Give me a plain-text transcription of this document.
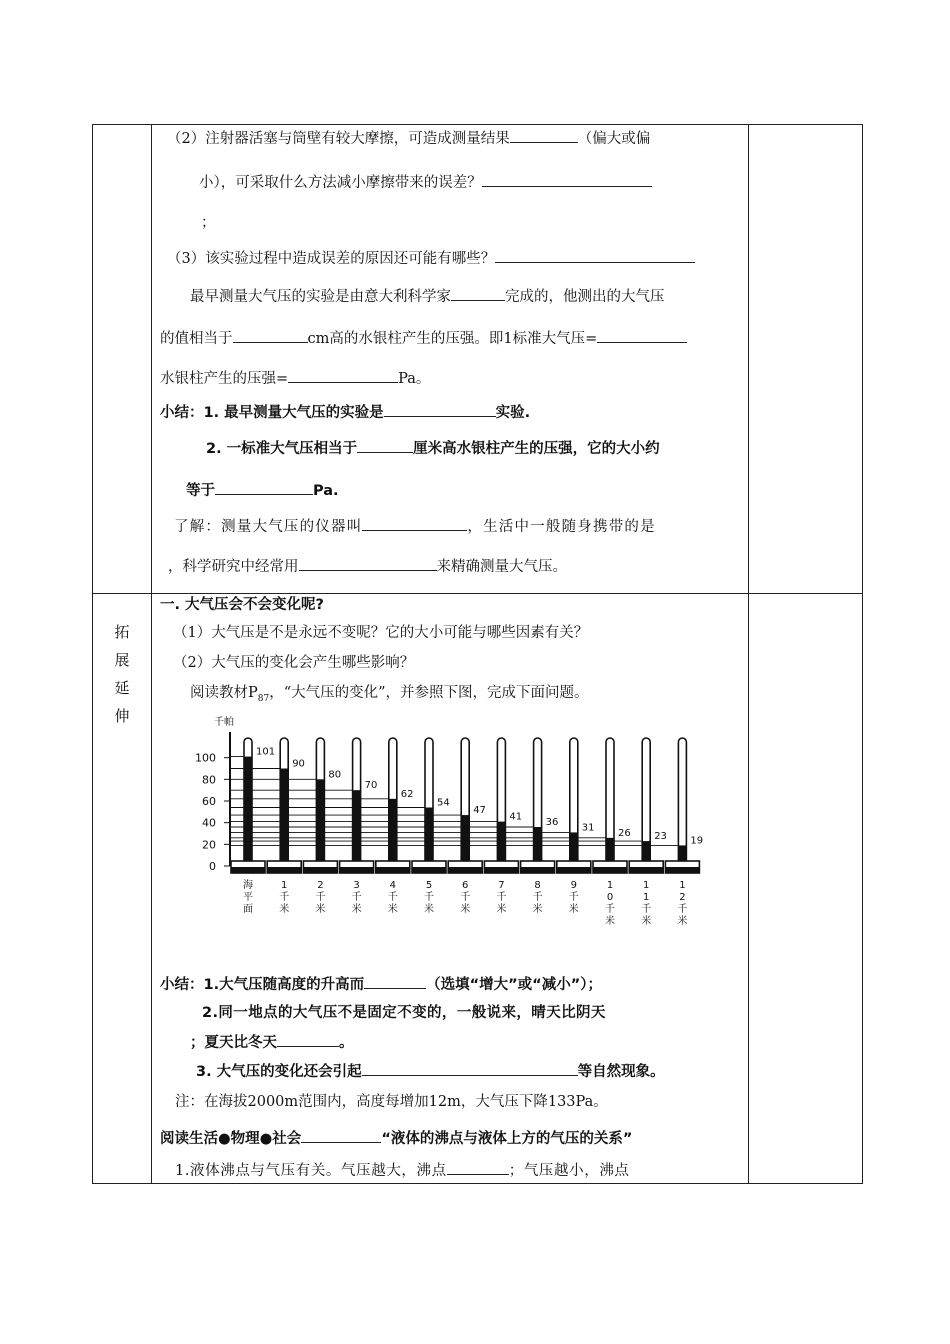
拓
展
延
伸
（2）注射器活塞与筒壁有较大摩擦，可造成测量结果	（偏大或偏
小），可采取什么方法减小摩擦带来的误差？
；
（3）该实验过程中造成误差的原因还可能有哪些？
最早测量大气压的实验是由意大利科学家	完成的，他测出的大气压
的值相当于	cm高的水银柱产生的压强。即1标准大气压=
水银柱产生的压强=	Pa。
小结：1. 最早测量大气压的实验是	实验.
2. 一标准大气压相当于	厘米高水银柱产生的压强，它的大小约
等于	Pa.
了解：测量大气压的仪器叫	，生活中一般随身携带的是
，科学研究中经常用	来精确测量大气压。
一. 大气压会不会变化呢?
（1）大气压是不是永远不变呢？它的大小可能与哪些因素有关？
（2）大气压的变化会产生哪些影响？
阅读教材$P_{87}$，“大气压的变化”，并参照下图，完成下面问题。
千帕
0
20
40
60
80
100	101
海
平
面
90
1
千
米
80
2
千
米
70
3
千
米
62
4
千
米
54
5
千
米
47
6
千
米
41
7
千
米
36
8
千
米
31
9
千
米
26
1
0
千
米
23
1
1
千
米
19
1
2
千
米
小结：1.大气压随高度的升高而	（选填“增大”或“减小”）；
2.同一地点的大气压不是固定不变的，一般说来，晴天比阴天
；夏天比冬天	。
3. 大气压的变化还会引起	等自然现象。
注：在海拔2000m范围内，高度每增加12m，大气压下降133Pa。
阅读生活●物理●社会	“液体的沸点与液体上方的气压的关系”
1.液体沸点与气压有关。气压越大，沸点	；气压越小，沸点
